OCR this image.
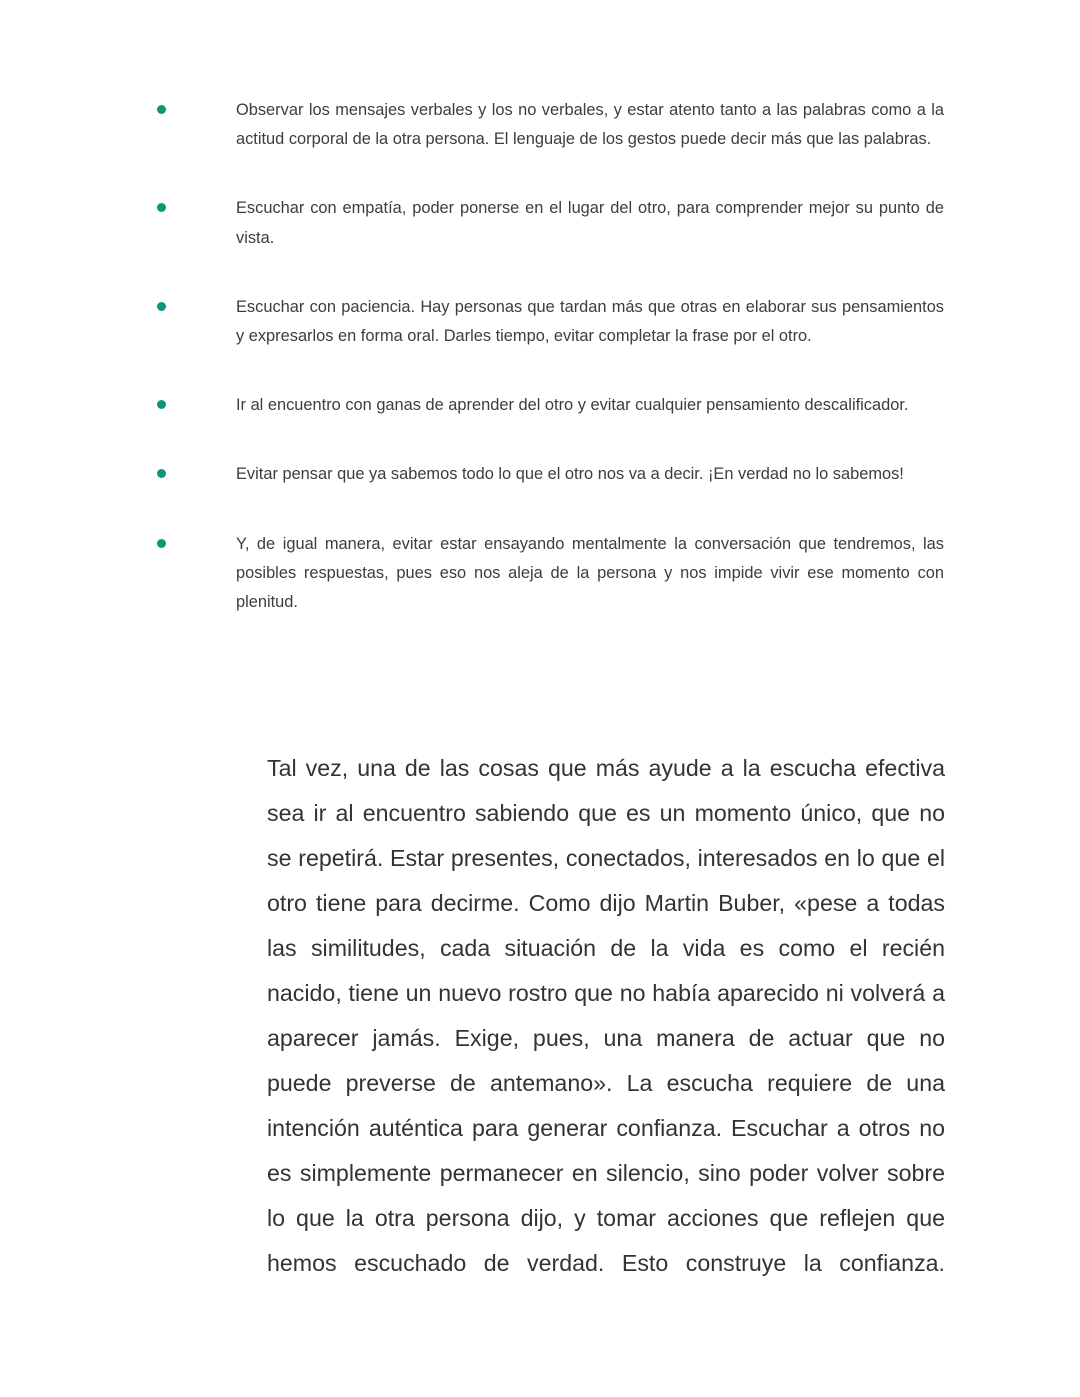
Observar los mensajes verbales y los no verbales, y estar atento tanto a las palabras como a la actitud corporal de la otra persona. El lenguaje de los gestos puede decir más que las palabras.
Escuchar con empatía, poder ponerse en el lugar del otro, para comprender mejor su punto de vista.
Escuchar con paciencia. Hay personas que tardan más que otras en elaborar sus pensamientos y expresarlos en forma oral. Darles tiempo, evitar completar la frase por el otro.
Ir al encuentro con ganas de aprender del otro y evitar cualquier pensamiento descalificador.
Evitar pensar que ya sabemos todo lo que el otro nos va a decir. ¡En verdad no lo sabemos!
Y, de igual manera, evitar estar ensayando mentalmente la conversación que tendremos, las posibles respuestas, pues eso nos aleja de la persona y nos impide vivir ese momento con plenitud.

Tal vez, una de las cosas que más ayude a la escucha efectiva sea ir al encuentro sabiendo que es un momento único, que no se repetirá. Estar presentes, conectados, interesados en lo que el otro tiene para decirme. Como dijo Martin Buber, «pese a todas las similitudes, cada situación de la vida es como el recién nacido, tiene un nuevo rostro que no había aparecido ni volverá a aparecer jamás. Exige, pues, una manera de actuar que no puede preverse de antemano». La escucha requiere de una intención auténtica para generar confianza. Escuchar a otros no es simplemente permanecer en silencio, sino poder volver sobre lo que la otra persona dijo, y tomar acciones que reflejen que hemos escuchado de verdad. Esto construye la confianza.
